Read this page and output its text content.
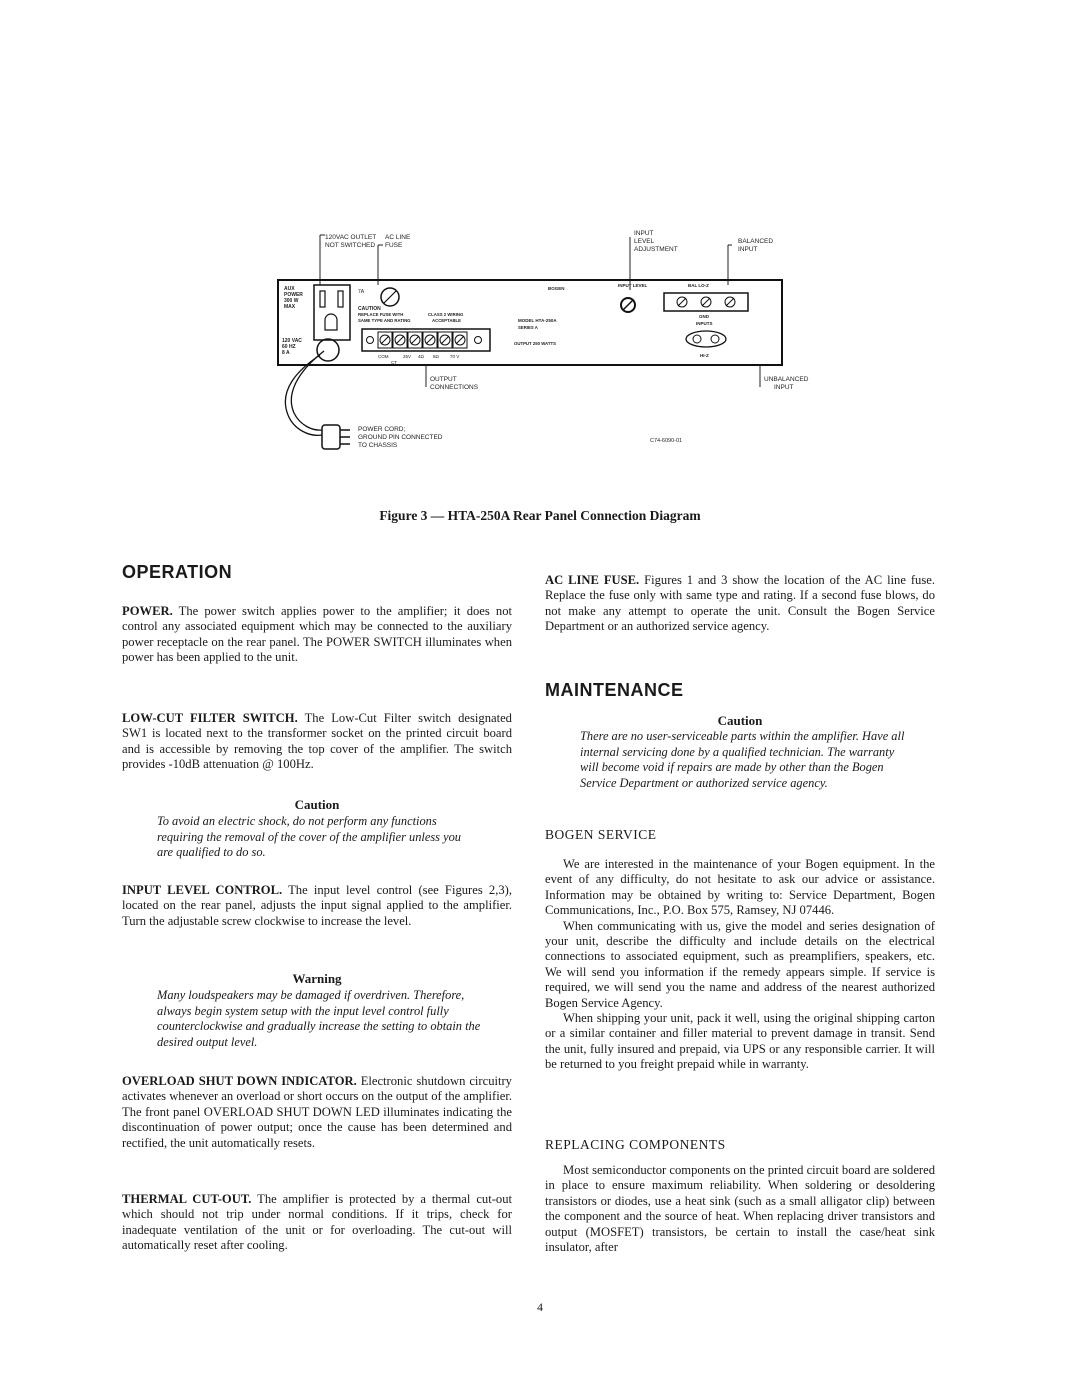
120VAC OUTLET
NOT SWITCHED
AC LINE
FUSE
INPUT
LEVEL
ADJUSTMENT
BALANCED
INPUT
AUX
POWER
300 W
MAX
7A
CAUTION
REPLACE FUSE WITH
SAME TYPE AND RATING
CLASS 2 WIRING
ACCEPTABLE
120 VAC
60 HZ
8 A
COM
CT
25V 4Ω 8Ω 70 V
BOGEN
MODEL HTA-250A
SERIES A
OUTPUT 250 WATTS
INPUT LEVEL	BAL LO-Z
GND
INPUTS
HI-Z
OUTPUT
CONNECTIONS
UNBALANCED
INPUT
POWER CORD;
GROUND PIN CONNECTED
TO CHASSIS
C74-6090-01
Figure 3 — HTA-250A Rear Panel Connection Diagram
OPERATION

POWER. The power switch applies power to the amplifier; it does not control any associated equipment which may be connected to the auxiliary power receptacle on the rear panel. The POWER SWITCH illuminates when power has been applied to the unit.

LOW-CUT FILTER SWITCH. The Low-Cut Filter switch designated SW1 is located next to the transformer socket on the printed circuit board and is accessible by removing the top cover of the amplifier. The switch provides -10dB attenuation @ 100Hz.

Caution

To avoid an electric shock, do not perform any functions requiring the removal of the cover of the amplifier unless you are qualified to do so.

INPUT LEVEL CONTROL. The input level control (see Figures 2,3), located on the rear panel, adjusts the input signal applied to the amplifier. Turn the adjustable screw clockwise to increase the level.

Warning

Many loudspeakers may be damaged if overdriven. Therefore, always begin system setup with the input level control fully counterclockwise and gradually increase the setting to obtain the desired output level.

OVERLOAD SHUT DOWN INDICATOR. Electronic shutdown circuitry activates whenever an overload or short occurs on the output of the amplifier. The front panel OVERLOAD SHUT DOWN LED illuminates indicating the discontinuation of power output; once the cause has been determined and rectified, the unit automatically resets.

THERMAL CUT-OUT. The amplifier is protected by a thermal cut-out which should not trip under normal conditions. If it trips, check for inadequate ventilation of the unit or for overloading. The cut-out will automatically reset after cooling.

AC LINE FUSE. Figures 1 and 3 show the location of the AC line fuse. Replace the fuse only with same type and rating. If a second fuse blows, do not make any attempt to operate the unit. Consult the Bogen Service Department or an authorized service agency.

MAINTENANCE
Caution

There are no user-serviceable parts within the amplifier. Have all internal servicing done by a qualified technician. The warranty will become void if repairs are made by other than the Bogen Service Department or authorized service agency.

BOGEN SERVICE

We are interested in the maintenance of your Bogen equipment. In the event of any difficulty, do not hesitate to ask our advice or assistance. Information may be obtained by writing to: Service Department, Bogen Communications, Inc., P.O. Box 575, Ramsey, NJ 07446.

When communicating with us, give the model and series designation of your unit, describe the difficulty and include details on the electrical connections to associated equipment, such as preamplifiers, speakers, etc. We will send you information if the remedy appears simple. If service is required, we will send you the name and address of the nearest authorized Bogen Service Agency.

When shipping your unit, pack it well, using the original shipping carton or a similar container and filler material to prevent damage in transit. Send the unit, fully insured and prepaid, via UPS or any responsible carrier. It will be returned to you freight prepaid while in warranty.

REPLACING COMPONENTS

Most semiconductor components on the printed circuit board are soldered in place to ensure maximum reliability. When soldering or desoldering transistors or diodes, use a heat sink (such as a small alligator clip) between the component and the source of heat. When replacing driver transistors and output (MOSFET) transistors, be certain to install the case/heat sink insulator, after

4
